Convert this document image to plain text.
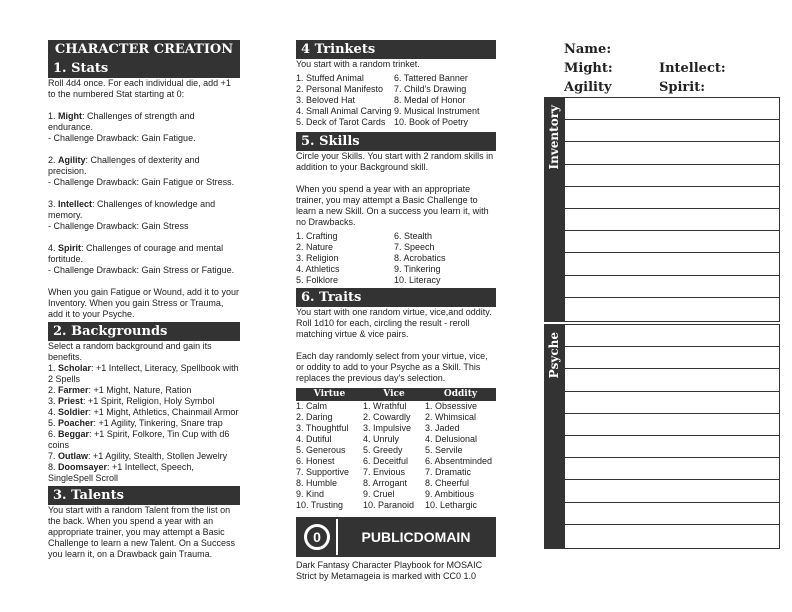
CHARACTER CREATION
1. Stats

Roll 4d4 once. For each individual die, add +1 to the numbered Stat starting at 0:

1. Might: Challenges of strength and endurance.

- Challenge Drawback: Gain Fatigue.

2. Agility: Challenges of dexterity and precision.

- Challenge Drawback: Gain Fatigue or Stress.

3. Intellect: Challenges of knowledge and memory.

- Challenge Drawback: Gain Stress

4. Spirit: Challenges of courage and mental fortitude.

- Challenge Drawback: Gain Stress or Fatigue.

When you gain Fatigue or Wound, add it to your Inventory. When you gain Stress or Trauma, add it to your Psyche.

2. Backgrounds

Select a random background and gain its benefits.

1. Scholar: +1 Intellect, Literacy, Spellbook with 2 Spells

2. Farmer: +1 Might, Nature, Ration

3. Priest: +1 Spirit, Religion, Holy Symbol

4. Soldier: +1 Might, Athletics, Chainmail Armor

5. Poacher: +1 Agility, Tinkering, Snare trap

6. Beggar: +1 Spirit, Folkore, Tin Cup with d6 coins

7. Outlaw: +1 Agility, Stealth, Stollen Jewelry

8. Doomsayer: +1 Intellect, Speech, SingleSpell Scroll

3. Talents

You start with a random Talent from the list on the back. When you spend a year with an appropriate trainer, you may attempt a Basic Challenge to learn a new Talent. On a Success you learn it, on a Drawback gain Trauma.

4 Trinkets

You start with a random trinket.

1. Stuffed Animal	6. Tattered Banner
2. Personal Manifesto	7. Child's Drawing
3. Beloved Hat	8. Medal of Honor
4. Small Animal Carving 9. Musical Instrument
5. Deck of Tarot Cards 10. Book of Poetry
5. Skills

Circle your Skills. You start with 2 random skills in addition to your Background skill.

When you spend a year with an appropriate trainer, you may attempt a Basic Challenge to learn a new Skill. On a success you learn it, with no Drawbacks.

1. Crafting	6. Stealth
2. Nature	7. Speech
3. Religion	8. Acrobatics
4. Athletics	9. Tinkering
5. Folklore	10. Literacy
6. Traits

You start with one random virtue, vice,and oddity. Roll 1d10 for each, circling the result - reroll matching virtue & vice pairs.

Each day randomly select from your virtue, vice, or oddity to add to your Psyche as a Skill. This replaces the previous day's selection.

Virtue	Vice	Oddity
1. Calm	1. Wrathful	1. Obsessive
2. Daring	2. Cowardly	2. Whimsical
3. Thoughtful	3. Impulsive	3. Jaded
4. Dutiful	4. Unruly	4. Delusional
5. Generous	5. Greedy	5. Servile
6. Honest	6. Deceitful	6. Absentminded
7. Supportive	7. Envious	7. Dramatic
8. Humble	8. Arrogant	8. Cheerful
9. Kind	9. Cruel	9. Ambitious
10. Trusting	10. Paranoid	10. Lethargic
0	PUBLICDOMAIN

Dark Fantasy Character Playbook for MOSAIC

Strict by Metamageia is marked with CC0 1.0

Name:
Might:	Intellect:
Agility	Spirit:
Inventory
Psyche
